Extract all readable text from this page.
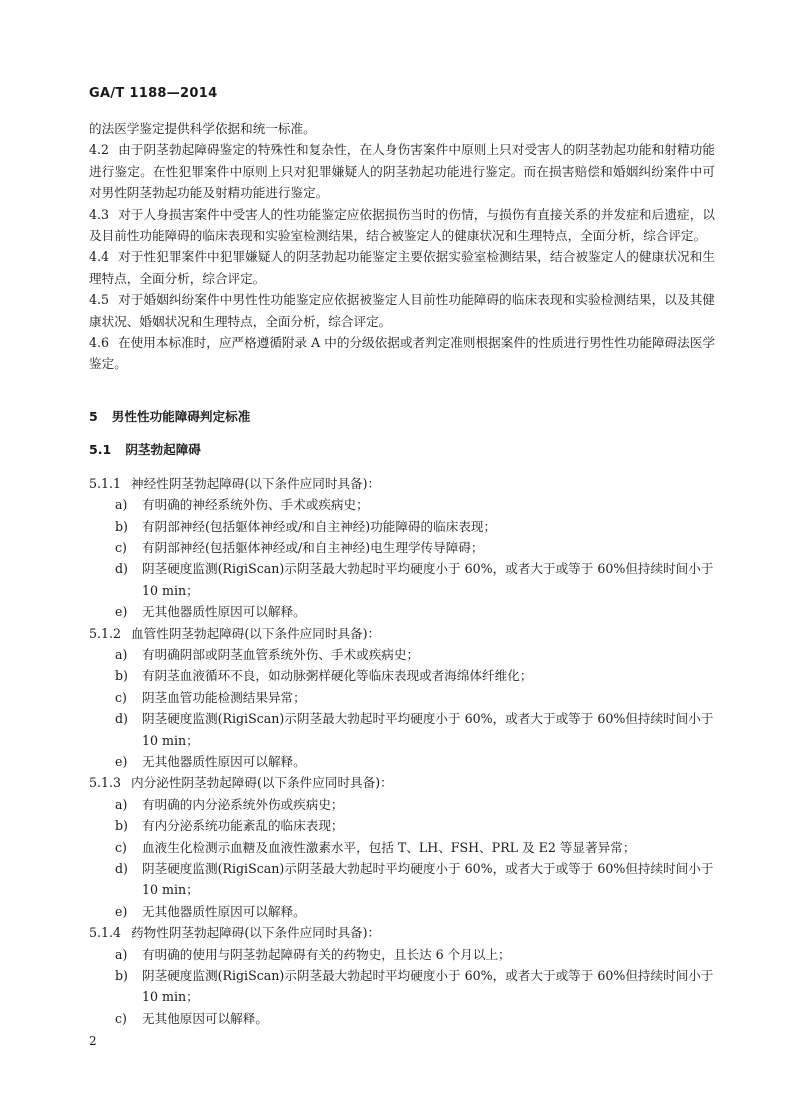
GA/T 1188—2014

的法医学鉴定提供科学依据和统一标准。

4.2 由于阴茎勃起障碍鉴定的特殊性和复杂性，在人身伤害案件中原则上只对受害人的阴茎勃起功能和射精功能进行鉴定。在性犯罪案件中原则上只对犯罪嫌疑人的阴茎勃起功能进行鉴定。而在损害赔偿和婚姻纠纷案件中可对男性阴茎勃起功能及射精功能进行鉴定。

4.3 对于人身损害案件中受害人的性功能鉴定应依据损伤当时的伤情，与损伤有直接关系的并发症和后遗症，以及目前性功能障碍的临床表现和实验室检测结果，结合被鉴定人的健康状况和生理特点，全面分析，综合评定。

4.4 对于性犯罪案件中犯罪嫌疑人的阴茎勃起功能鉴定主要依据实验室检测结果，结合被鉴定人的健康状况和生理特点，全面分析，综合评定。

4.5 对于婚姻纠纷案件中男性性功能鉴定应依据被鉴定人目前性功能障碍的临床表现和实验检测结果，以及其健康状况、婚姻状况和生理特点，全面分析，综合评定。

4.6 在使用本标准时，应严格遵循附录 A 中的分级依据或者判定准则根据案件的性质进行男性性功能障碍法医学鉴定。

5 男性性功能障碍判定标准

5.1 阴茎勃起障碍

5.1.1 神经性阴茎勃起障碍(以下条件应同时具备)：

a)	有明确的神经系统外伤、手术或疾病史；
b)	有阴部神经(包括躯体神经或/和自主神经)功能障碍的临床表现；
c)	有阴部神经(包括躯体神经或/和自主神经)电生理学传导障碍；
d)	阴茎硬度监测(RigiScan)示阴茎最大勃起时平均硬度小于 60%，或者大于或等于 60%但持续时间小于 10 min；
e)	无其他器质性原因可以解释。

5.1.2 血管性阴茎勃起障碍(以下条件应同时具备)：

a)	有明确阴部或阴茎血管系统外伤、手术或疾病史；
b)	有阴茎血液循环不良，如动脉粥样硬化等临床表现或者海绵体纤维化；
c)	阴茎血管功能检测结果异常；
d)	阴茎硬度监测(RigiScan)示阴茎最大勃起时平均硬度小于 60%，或者大于或等于 60%但持续时间小于 10 min；
e)	无其他器质性原因可以解释。

5.1.3 内分泌性阴茎勃起障碍(以下条件应同时具备)：

a)	有明确的内分泌系统外伤或疾病史；
b)	有内分泌系统功能紊乱的临床表现；
c)	血液生化检测示血糖及血液性激素水平，包括 T、LH、FSH、PRL 及 E2 等显著异常；
d)	阴茎硬度监测(RigiScan)示阴茎最大勃起时平均硬度小于 60%，或者大于或等于 60%但持续时间小于 10 min；
e)	无其他器质性原因可以解释。

5.1.4 药物性阴茎勃起障碍(以下条件应同时具备)：

a)	有明确的使用与阴茎勃起障碍有关的药物史，且长达 6 个月以上；
b)	阴茎硬度监测(RigiScan)示阴茎最大勃起时平均硬度小于 60%，或者大于或等于 60%但持续时间小于 10 min；
c)	无其他原因可以解释。
2
